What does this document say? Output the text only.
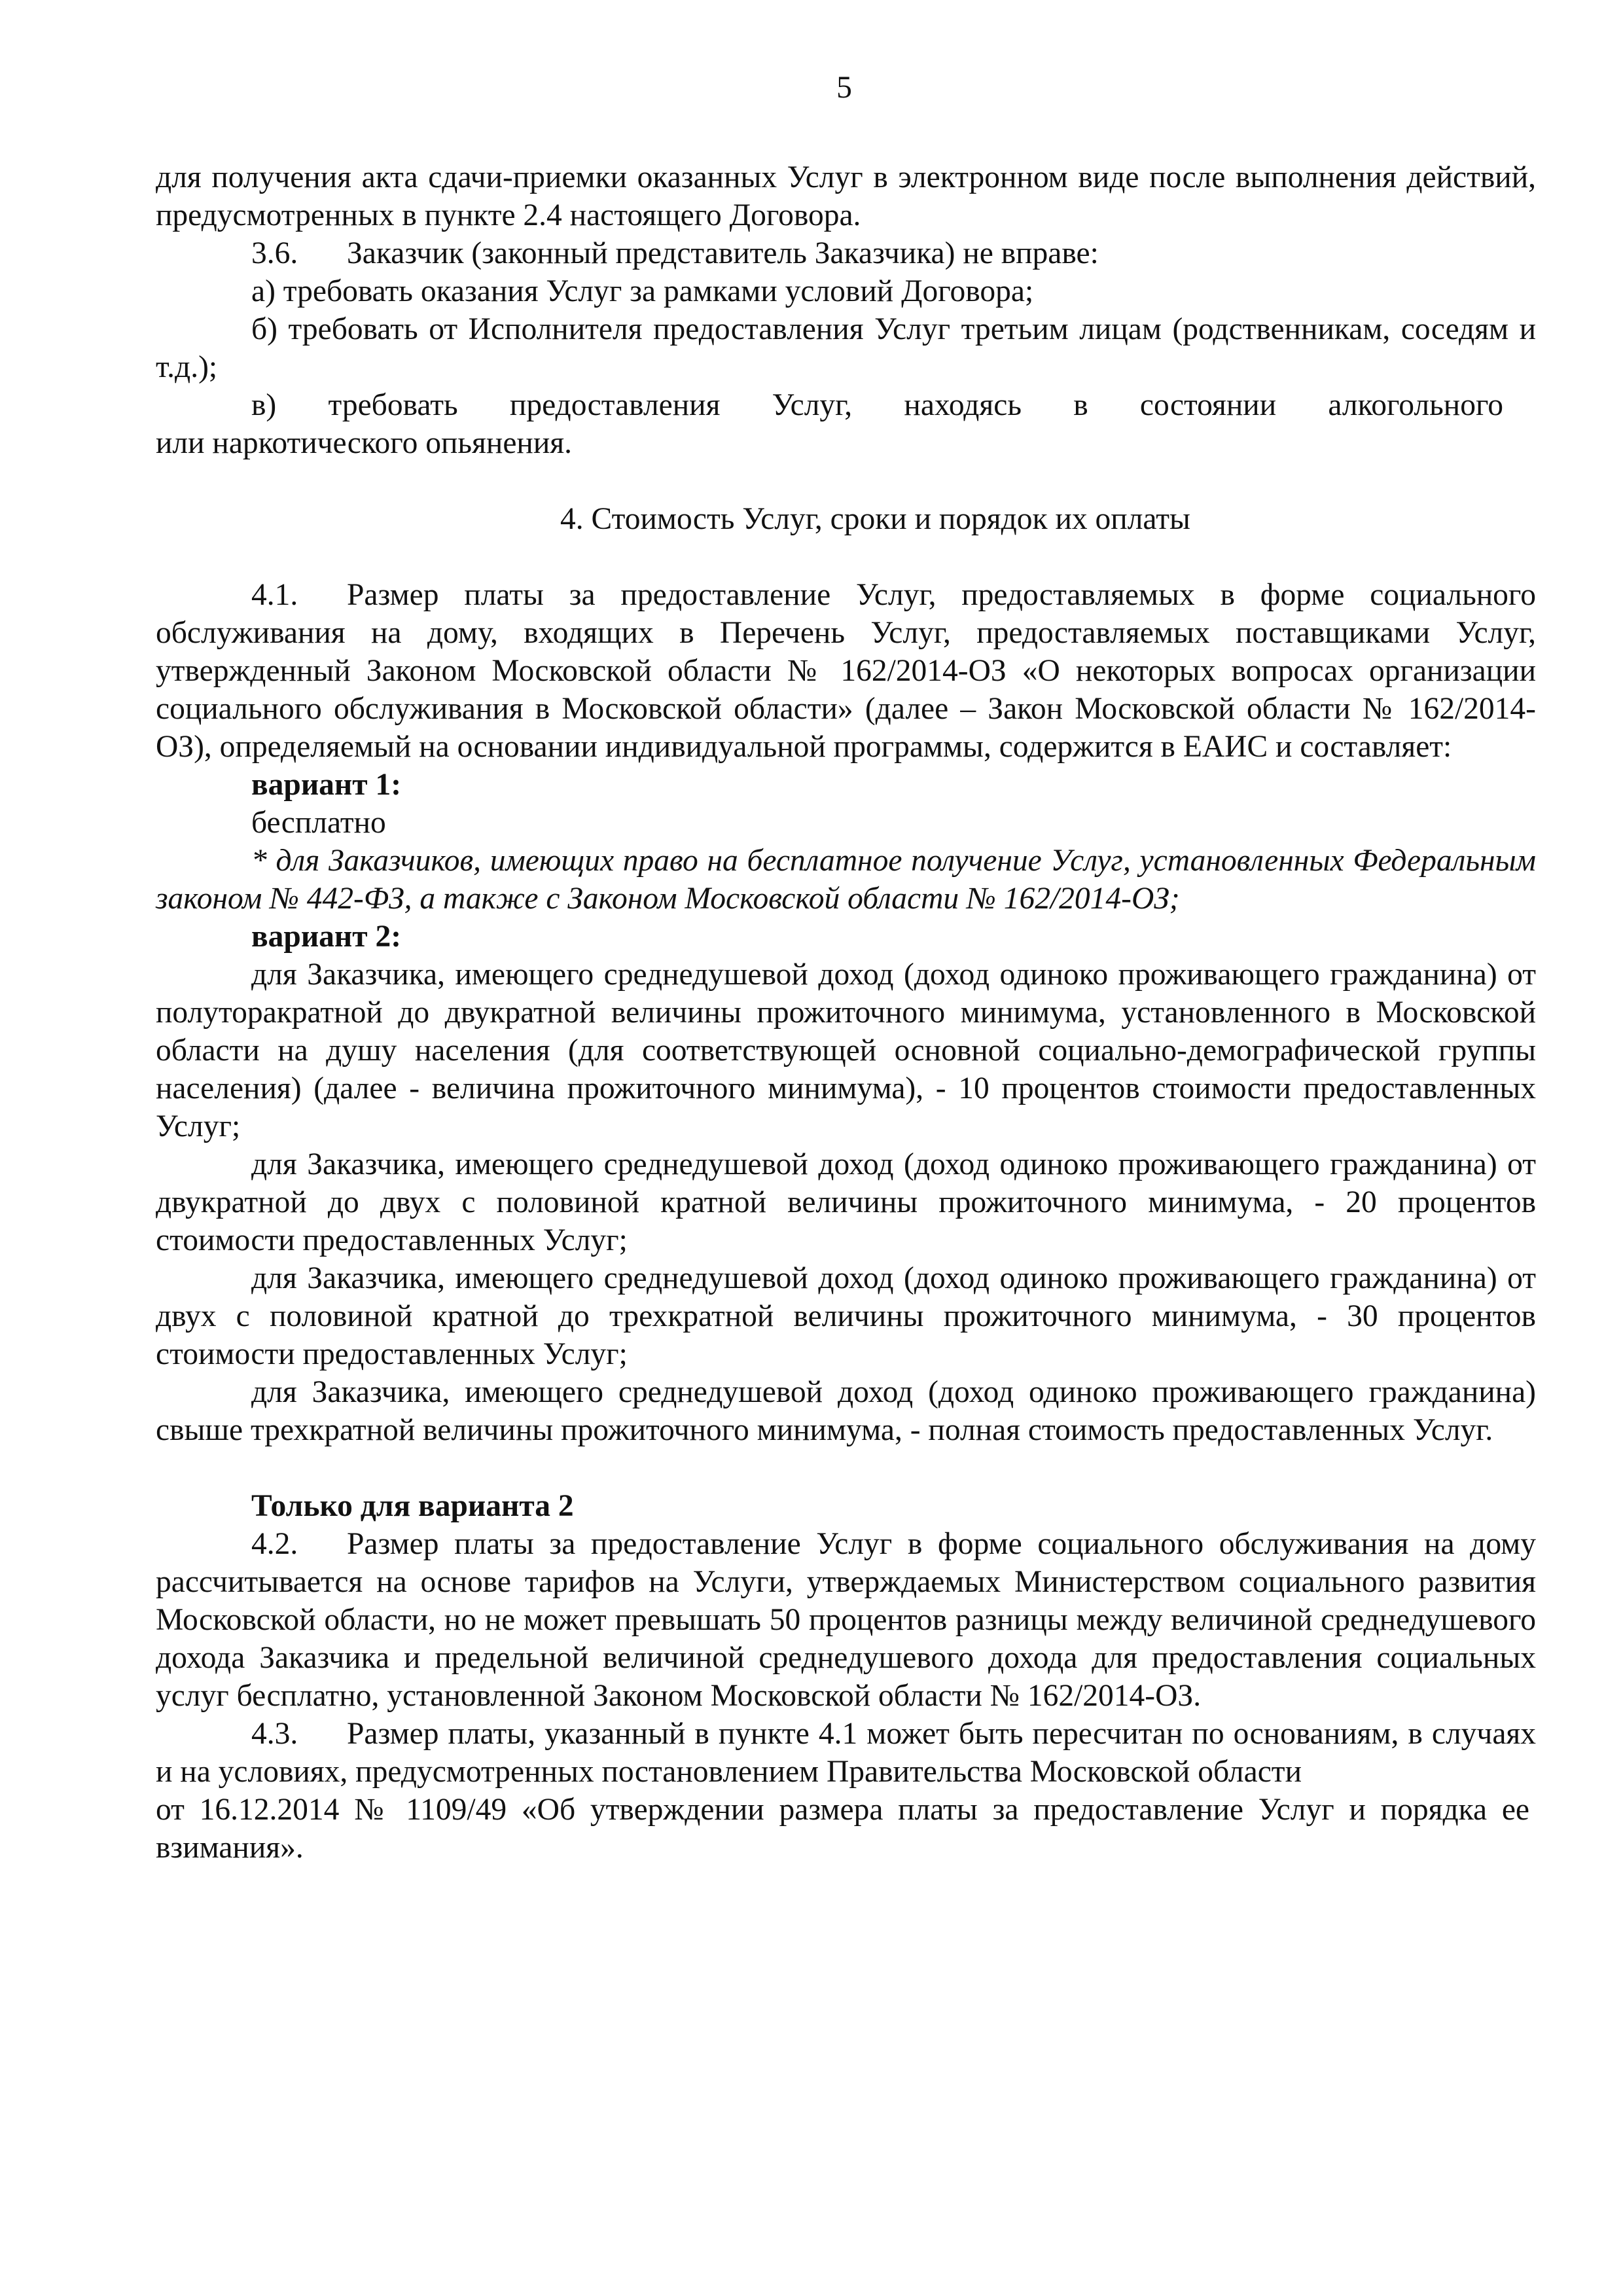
5

для получения акта сдачи-приемки оказанных Услуг в электронном виде после выполнения действий, предусмотренных в пункте 2.4 настоящего Договора.

3.6. Заказчик (законный представитель Заказчика) не вправе:

а) требовать оказания Услуг за рамками условий Договора;

б) требовать от Исполнителя предоставления Услуг третьим лицам (родственникам, соседям и т.д.);

в) требовать предоставления Услуг, находясь в состоянии алкогольного

или наркотического опьянения.

4. Стоимость Услуг, сроки и порядок их оплаты

4.1. Размер платы за предоставление Услуг, предоставляемых в форме социального обслуживания на дому, входящих в Перечень Услуг, предоставляемых поставщиками Услуг, утвержденный Законом Московской области № 162/2014-ОЗ «О некоторых вопросах организации социального обслуживания в Московской области» (далее – Закон Московской области № 162/2014-ОЗ), определяемый на основании индивидуальной программы, содержится в ЕАИС и составляет:

вариант 1:

бесплатно

* для Заказчиков, имеющих право на бесплатное получение Услуг, установленных Федеральным законом № 442-ФЗ, а также с Законом Московской области № 162/2014-ОЗ;

вариант 2:

для Заказчика, имеющего среднедушевой доход (доход одиноко проживающего гражданина) от полуторакратной до двукратной величины прожиточного минимума, установленного в Московской области на душу населения (для соответствующей основной социально-демографической группы населения) (далее - величина прожиточного минимума), - 10 процентов стоимости предоставленных Услуг;

для Заказчика, имеющего среднедушевой доход (доход одиноко проживающего гражданина) от двукратной до двух с половиной кратной величины прожиточного минимума, - 20 процентов стоимости предоставленных Услуг;

для Заказчика, имеющего среднедушевой доход (доход одиноко проживающего гражданина) от двух с половиной кратной до трехкратной величины прожиточного минимума, - 30 процентов стоимости предоставленных Услуг;

для Заказчика, имеющего среднедушевой доход (доход одиноко проживающего гражданина) свыше трехкратной величины прожиточного минимума, - полная стоимость предоставленных Услуг.

Только для варианта 2

4.2. Размер платы за предоставление Услуг в форме социального обслуживания на дому рассчитывается на основе тарифов на Услуги, утверждаемых Министерством социального развития Московской области, но не может превышать 50 процентов разницы между величиной среднедушевого дохода Заказчика и предельной величиной среднедушевого дохода для предоставления социальных услуг бесплатно, установленной Законом Московской области № 162/2014-ОЗ.

4.3. Размер платы, указанный в пункте 4.1 может быть пересчитан по основаниям, в случаях и на условиях, предусмотренных постановлением Правительства Московской области

от 16.12.2014 № 1109/49 «Об утверждении размера платы за предоставление Услуг и порядка ее взимания».
